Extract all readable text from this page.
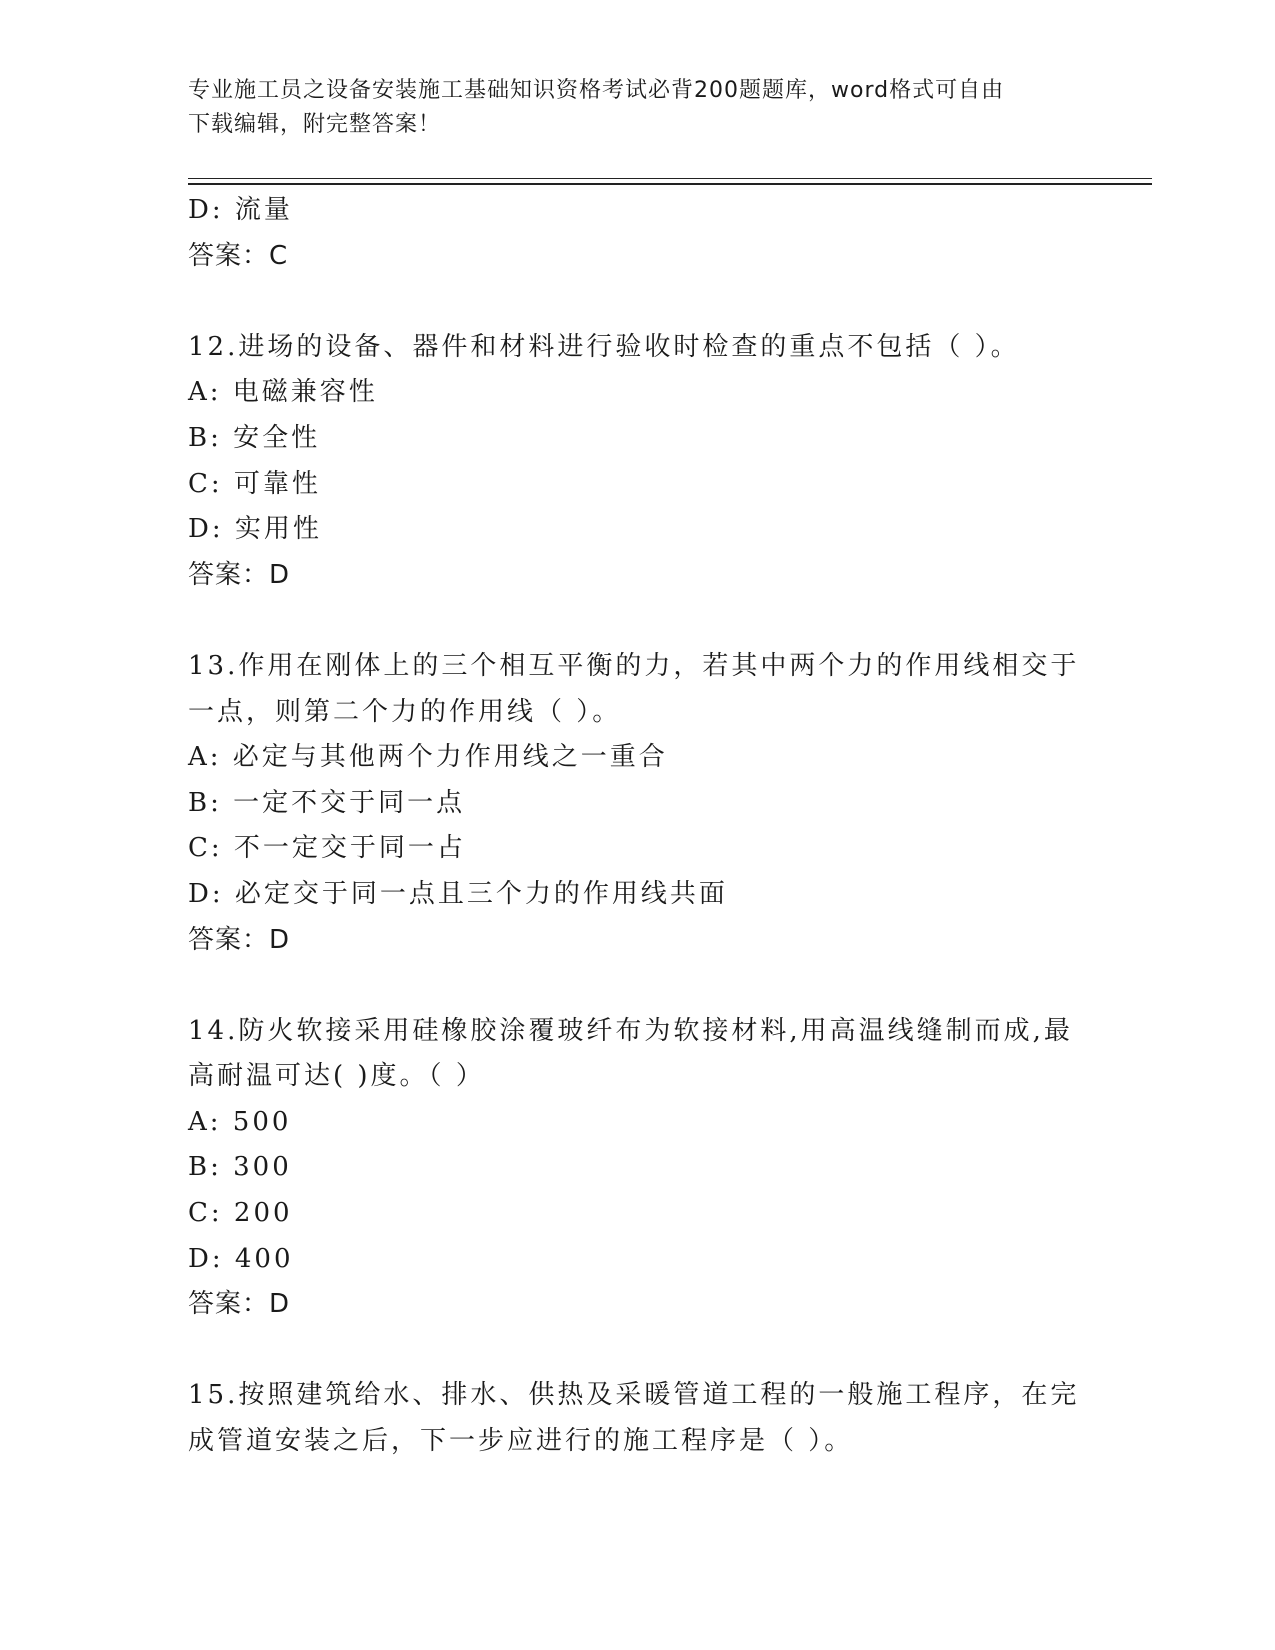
专业施工员之设备安装施工基础知识资格考试必背200题题库，word格式可自由
下载编辑，附完整答案！
D: 流量
答案：C
12.进场的设备、器件和材料进行验收时检查的重点不包括（ ）。
A: 电磁兼容性
B: 安全性
C: 可靠性
D: 实用性
答案：D
13.作用在刚体上的三个相互平衡的力，若其中两个力的作用线相交于
一点，则第二个力的作用线（ ）。
A: 必定与其他两个力作用线之一重合
B: 一定不交于同一点
C: 不一定交于同一占
D: 必定交于同一点且三个力的作用线共面
答案：D
14.防火软接采用硅橡胶涂覆玻纤布为软接材料,用高温线缝制而成,最
高耐温可达( )度。（ ）
A: 500
B: 300
C: 200
D: 400
答案：D
15.按照建筑给水、排水、供热及采暖管道工程的一般施工程序，在完
成管道安装之后，下一步应进行的施工程序是（ ）。
